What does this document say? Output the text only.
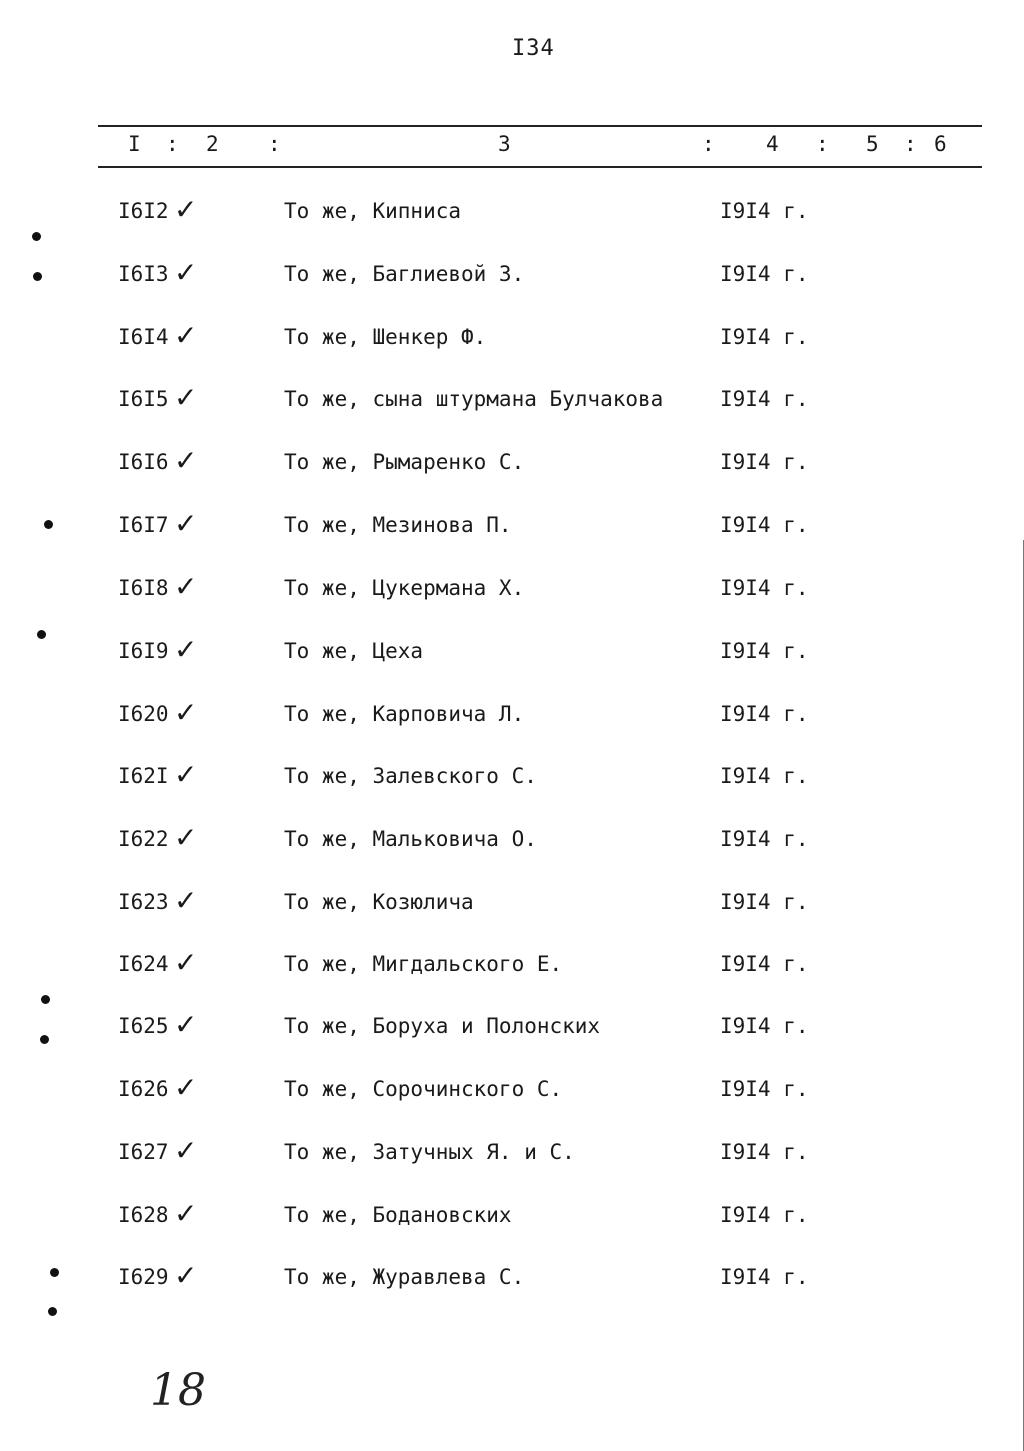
I34
I : 2 :	3	: 4 : 5 : 6
I6I2 ✓	То же, Кипниса	I9I4 г.
I6I3 ✓	То же, Баглиевой З.	I9I4 г.
I6I4 ✓	То же, Шенкер Ф.	I9I4 г.
I6I5 ✓	То же, сына штурмана Булчакова	I9I4 г.
I6I6 ✓	То же, Рымаренко С.	I9I4 г.
I6I7 ✓	То же, Мезинова П.	I9I4 г.
I6I8 ✓	То же, Цукермана Х.	I9I4 г.
I6I9 ✓	То же, Цеха	I9I4 г.
I620 ✓	То же, Карповича Л.	I9I4 г.
I62I ✓	То же, Залевского С.	I9I4 г.
I622 ✓	То же, Мальковича О.	I9I4 г.
I623 ✓	То же, Козюлича	I9I4 г.
I624 ✓	То же, Мигдальского Е.	I9I4 г.
I625 ✓	То же, Боруха и Полонских	I9I4 г.
I626 ✓	То же, Сорочинского С.	I9I4 г.
I627 ✓	То же, Затучных Я. и С.	I9I4 г.
I628 ✓	То же, Бодановских	I9I4 г.
I629 ✓	То же, Журавлева С.	I9I4 г.
18
